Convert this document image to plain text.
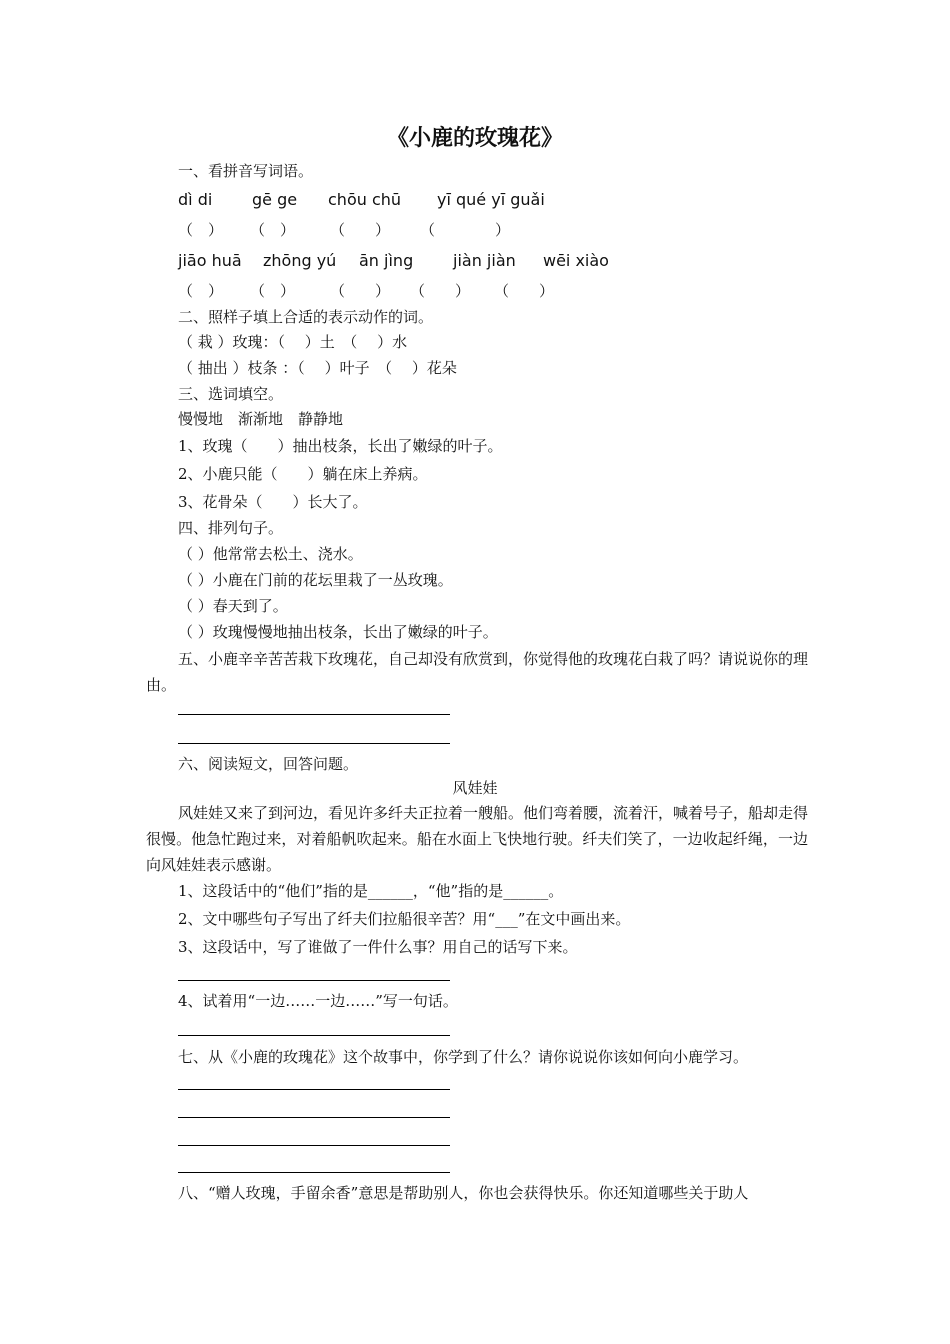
《小鹿的玫瑰花》
一、看拼音写词语。
dì di gē ge chōu chū yī qué yī guǎi
（　） （　） （　　） （　　　　）
jiāo huā zhōng yú ān jìng jiàn jiàn wēi xiào
（　） （　） （　　） （　　） （　　）
二、照样子填上合适的表示动作的词。
（ 栽 ）玫瑰：（　 ）土　（　 ）水
（ 抽出 ）枝条 ：（　 ）叶子　（　 ）花朵
三、选词填空。
慢慢地　渐渐地　静静地
1、玫瑰（　　）抽出枝条，长出了嫩绿的叶子。
2、小鹿只能（　　）躺在床上养病。
3、花骨朵（　　）长大了。
四、排列句子。
（ ）他常常去松土、浇水。
（ ）小鹿在门前的花坛里栽了一丛玫瑰。
（ ）春天到了。
（ ）玫瑰慢慢地抽出枝条，长出了嫩绿的叶子。
五、小鹿辛辛苦苦栽下玫瑰花，自己却没有欣赏到，你觉得他的玫瑰花白栽了吗？请说说你的理由。
六、阅读短文，回答问题。
风娃娃
风娃娃又来了到河边，看见许多纤夫正拉着一艘船。他们弯着腰，流着汗，喊着号子，船却走得很慢。他急忙跑过来，对着船帆吹起来。船在水面上飞快地行驶。纤夫们笑了，一边收起纤绳，一边向风娃娃表示感谢。
1、这段话中的“他们”指的是______，“他”指的是______。
2、文中哪些句子写出了纤夫们拉船很辛苦？用“___”在文中画出来。
3、这段话中，写了谁做了一件什么事？用自己的话写下来。
4、试着用“一边……一边……”写一句话。
七、从《小鹿的玫瑰花》这个故事中，你学到了什么？请你说说你该如何向小鹿学习。
八、“赠人玫瑰，手留余香”意思是帮助别人，你也会获得快乐。你还知道哪些关于助人
